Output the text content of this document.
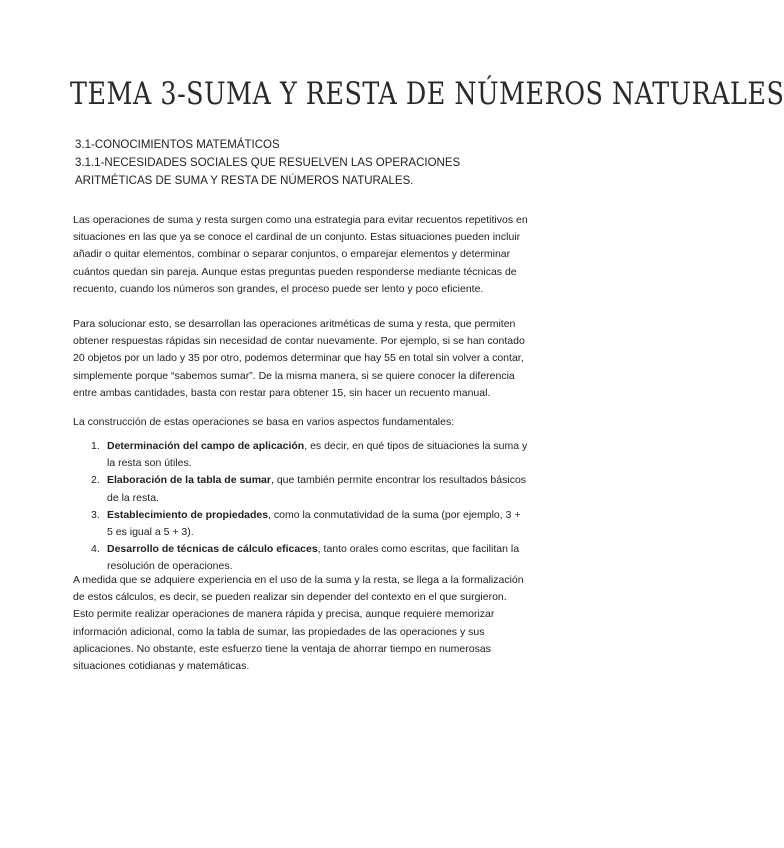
TEMA 3-SUMA Y RESTA DE NÚMEROS NATURALES

3.1-CONOCIMIENTOS MATEMÁTICOS

3.1.1-NECESIDADES SOCIALES QUE RESUELVEN LAS OPERACIONES ARITMÉTICAS DE SUMA Y RESTA DE NÚMEROS NATURALES.

Las operaciones de suma y resta surgen como una estrategia para evitar recuentos repetitivos en situaciones en las que ya se conoce el cardinal de un conjunto. Estas situaciones pueden incluir añadir o quitar elementos, combinar o separar conjuntos, o emparejar elementos y determinar cuántos quedan sin pareja. Aunque estas preguntas pueden responderse mediante técnicas de recuento, cuando los números son grandes, el proceso puede ser lento y poco eficiente.

Para solucionar esto, se desarrollan las operaciones aritméticas de suma y resta, que permiten obtener respuestas rápidas sin necesidad de contar nuevamente. Por ejemplo, si se han contado 20 objetos por un lado y 35 por otro, podemos determinar que hay 55 en total sin volver a contar, simplemente porque “sabemos sumar”. De la misma manera, si se quiere conocer la diferencia entre ambas cantidades, basta con restar para obtener 15, sin hacer un recuento manual.

La construcción de estas operaciones se basa en varios aspectos fundamentales:

1. Determinación del campo de aplicación, es decir, en qué tipos de situaciones la suma y la resta son útiles.
2. Elaboración de la tabla de sumar, que también permite encontrar los resultados básicos de la resta.
3. Establecimiento de propiedades, como la conmutatividad de la suma (por ejemplo, 3 + 5 es igual a 5 + 3).
4. Desarrollo de técnicas de cálculo eficaces, tanto orales como escritas, que facilitan la resolución de operaciones.

A medida que se adquiere experiencia en el uso de la suma y la resta, se llega a la formalización de estos cálculos, es decir, se pueden realizar sin depender del contexto en el que surgieron. Esto permite realizar operaciones de manera rápida y precisa, aunque requiere memorizar información adicional, como la tabla de sumar, las propiedades de las operaciones y sus aplicaciones. No obstante, este esfuerzo tiene la ventaja de ahorrar tiempo en numerosas situaciones cotidianas y matemáticas.
